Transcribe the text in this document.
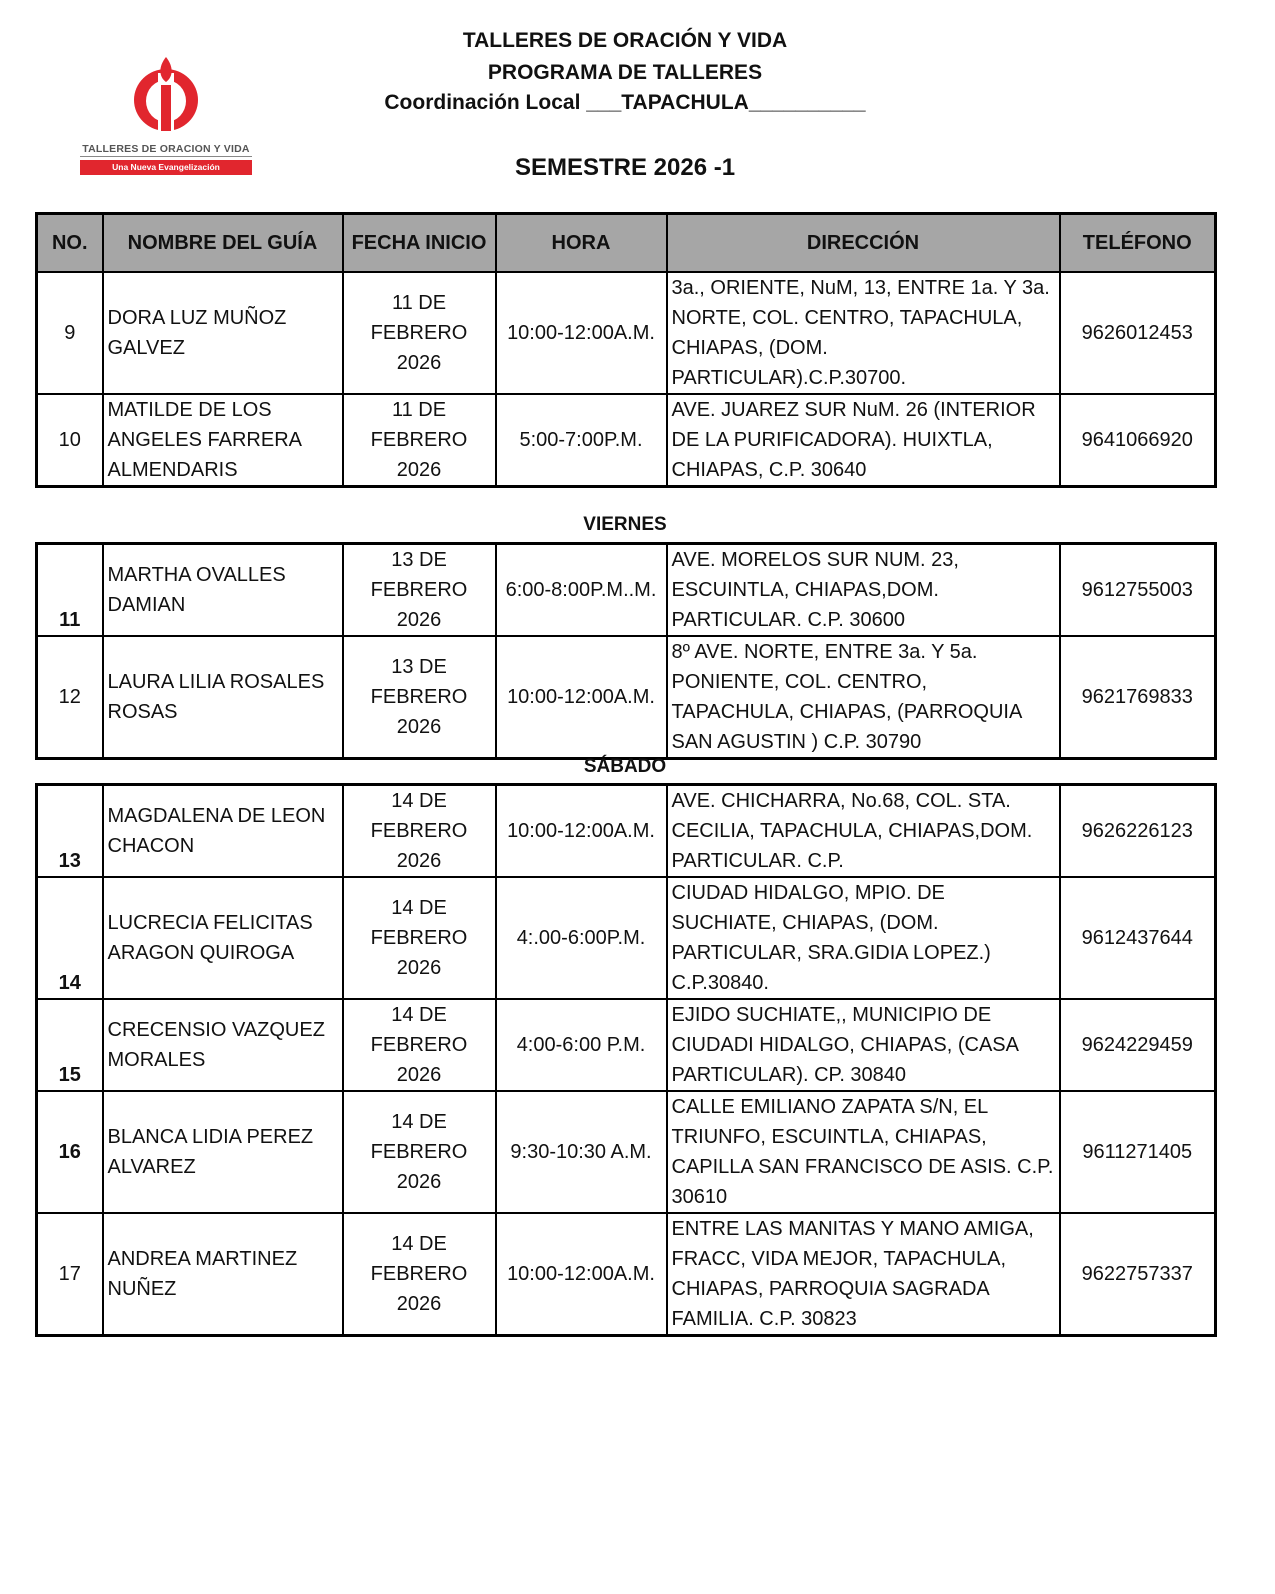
TALLERES DE ORACION Y VIDA
Una Nueva Evangelización
TALLERES DE ORACIÓN Y VIDA
PROGRAMA DE TALLERES
Coordinación Local ___TAPACHULA__________
SEMESTRE 2026 -1
NO.	NOMBRE DEL GUÍA	FECHA INICIO	HORA	DIRECCIÓN	TELÉFONO
9	DORA LUZ MUÑOZ GALVEZ	11 DE FEBRERO 2026	10:00-12:00A.M.	3a., ORIENTE, NuM, 13, ENTRE 1a. Y 3a. NORTE, COL. CENTRO, TAPACHULA, CHIAPAS, (DOM. PARTICULAR).C.P.30700.	9626012453
10	MATILDE DE LOS ANGELES FARRERA ALMENDARIS	11 DE FEBRERO 2026	5:00-7:00P.M.	AVE. JUAREZ SUR NuM. 26 (INTERIOR DE LA PURIFICADORA). HUIXTLA, CHIAPAS, C.P. 30640	9641066920
VIERNES
11	MARTHA OVALLES DAMIAN	13 DE FEBRERO 2026	6:00-8:00P.M..M.	AVE. MORELOS SUR NUM. 23, ESCUINTLA, CHIAPAS,DOM. PARTICULAR. C.P. 30600	9612755003
12	LAURA LILIA ROSALES ROSAS	13 DE FEBRERO 2026	10:00-12:00A.M.	8º AVE. NORTE, ENTRE 3a. Y 5a. PONIENTE, COL. CENTRO, TAPACHULA, CHIAPAS, (PARROQUIA SAN AGUSTIN ) C.P. 30790	9621769833
SÁBADO
13	MAGDALENA DE LEON CHACON	14 DE FEBRERO 2026	10:00-12:00A.M.	AVE. CHICHARRA, No.68, COL. STA. CECILIA, TAPACHULA, CHIAPAS,DOM. PARTICULAR. C.P.	9626226123
14	LUCRECIA FELICITAS ARAGON QUIROGA	14 DE FEBRERO 2026	4:.00-6:00P.M.	CIUDAD HIDALGO, MPIO. DE SUCHIATE, CHIAPAS, (DOM. PARTICULAR, SRA.GIDIA LOPEZ.) C.P.30840.	9612437644
15	CRECENSIO VAZQUEZ MORALES	14 DE FEBRERO 2026	4:00-6:00 P.M.	EJIDO SUCHIATE,, MUNICIPIO DE CIUDADI HIDALGO, CHIAPAS, (CASA PARTICULAR). CP. 30840	9624229459
16	BLANCA LIDIA PEREZ ALVAREZ	14 DE FEBRERO 2026	9:30-10:30 A.M.	CALLE EMILIANO ZAPATA S/N, EL TRIUNFO, ESCUINTLA, CHIAPAS, CAPILLA SAN FRANCISCO DE ASIS. C.P. 30610	9611271405
17	ANDREA MARTINEZ NUÑEZ	14 DE FEBRERO 2026	10:00-12:00A.M.	ENTRE LAS MANITAS Y MANO AMIGA, FRACC, VIDA MEJOR, TAPACHULA, CHIAPAS, PARROQUIA SAGRADA FAMILIA. C.P. 30823	9622757337
